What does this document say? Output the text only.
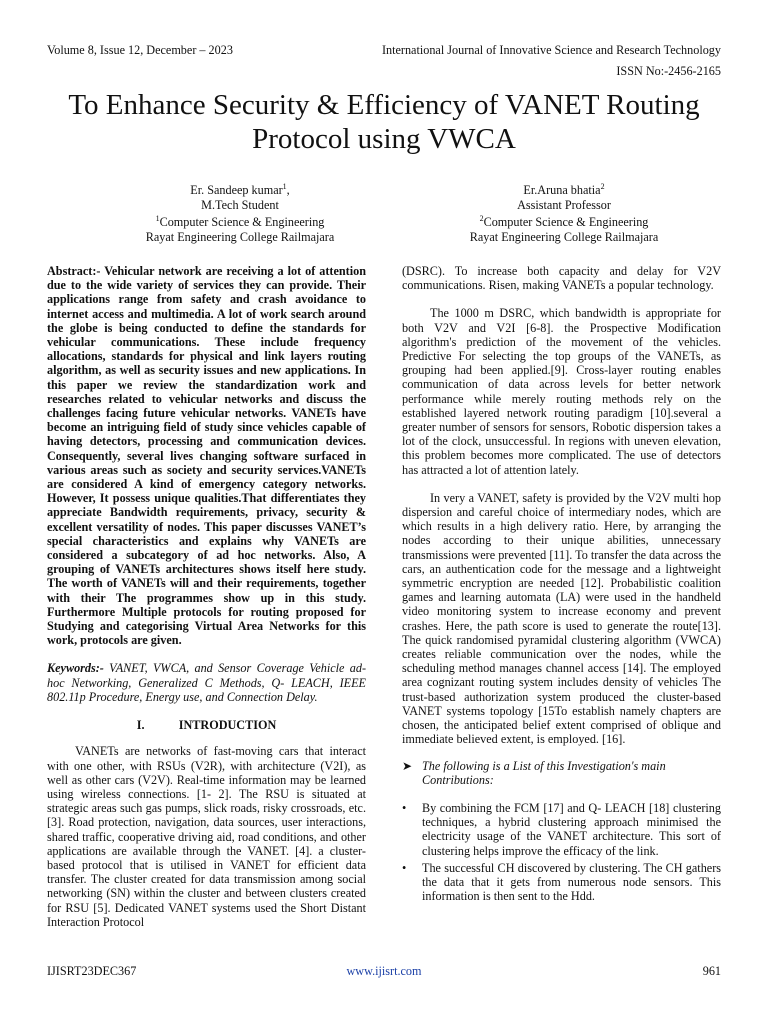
Volume 8, Issue 12, December – 2023	International Journal of Innovative Science and Research Technology
ISSN No:-2456-2165
To Enhance Security & Efficiency of VANET Routing Protocol using VWCA
Er. Sandeep kumar$^1$,
M.Tech Student
$^1$Computer Science & Engineering
Rayat Engineering College Railmajara
Er.Aruna bhatia$^2$
Assistant Professor
$^2$Computer Science & Engineering
Rayat Engineering College Railmajara

Abstract:- Vehicular network are receiving a lot of attention due to the wide variety of services they can provide. Their applications range from safety and crash avoidance to internet access and multimedia. A lot of work search around the globe is being conducted to define the standards for vehicular communications. These include frequency allocations, standards for physical and link layers routing algorithm, as well as security issues and new applications. In this paper we review the standardization work and researches related to vehicular networks and discuss the challenges facing future vehicular networks. VANETs have become an intriguing field of study since vehicles capable of having detectors, processing and communication devices. Consequently, several lives changing software surfaced in various areas such as society and security services.VANETs are considered A kind of emergency category networks. However, It possess unique qualities.That differentiates they appreciate Bandwidth requirements, privacy, security & excellent versatility of nodes. This paper discusses VANET’s special characteristics and explains why VANETs are considered a subcategory of ad hoc networks. Also, A grouping of VANETs architectures shows itself here study. The worth of VANETs will and their requirements, together with their The programmes show up in this study. Furthermore Multiple protocols for routing proposed for Studying and categorising Virtual Area Networks for this work, protocols are given.

Keywords:- VANET, VWCA, and Sensor Coverage Vehicle ad-hoc Networking, Generalized C Methods, Q- LEACH, IEEE 802.11p Procedure, Energy use, and Connection Delay.

I.	INTRODUCTION

VANETs are networks of fast-moving cars that interact with one other, with RSUs (V2R), with architecture (V2I), as well as other cars (V2V). Real-time information may be learned using wireless connections. [1- 2]. The RSU is situated at strategic areas such gas pumps, slick roads, risky crossroads, etc. [3]. Road protection, navigation, data sources, user interactions, shared traffic, cooperative driving aid, road conditions, and other applications are available through the VANET. [4]. a cluster-based protocol that is utilised in VANET for efficient data transfer. The cluster created for data transmission among social networking (SN) within the cluster and between clusters created for RSU [5]. Dedicated VANET systems used the Short Distant Interaction Protocol

(DSRC). To increase both capacity and delay for V2V communications. Risen, making VANETs a popular technology.

The 1000 m DSRC, which bandwidth is appropriate for both V2V and V2I [6-8]. the Prospective Modification algorithm's prediction of the movement of the vehicles. Predictive For selecting the top groups of the VANETs, as grouping had been applied.[9]. Cross-layer routing enables communication of data across levels for better network performance while merely routing methods rely on the established layered network routing paradigm [10].several a greater number of sensors for sensors, Robotic dispersion takes a lot of the clock, unsuccessful. In regions with uneven elevation, this problem becomes more complicated. The use of detectors has attracted a lot of attention lately.

In very a VANET, safety is provided by the V2V multi hop dispersion and careful choice of intermediary nodes, which are which results in a high delivery ratio. Here, by arranging the nodes according to their unique abilities, unnecessary transmissions were prevented [11]. To transfer the data across the cars, an authentication code for the message and a lightweight symmetric encryption are needed [12]. Probabilistic coalition games and learning automata (LA) were used in the handheld video monitoring system to increase economy and prevent crashes. Here, the path score is used to generate the route[13]. The quick randomised pyramidal clustering algorithm (VWCA) creates reliable communication over the nodes, while the scheduling method manages channel access [14]. The employed area cognizant routing system includes density of vehicles The trust-based authorization system produced the cluster-based VANET systems topology [15To establish namely chapters are chosen, the anticipated belief extent comprised of oblique and immediate believed extent, is employed. [16].

➤ The following is a List of this Investigation's main Contributions:
•	By combining the FCM [17] and Q- LEACH [18] clustering techniques, a hybrid clustering approach minimised the electricity usage of the VANET architecture. This sort of clustering helps improve the efficacy of the link.
•	The successful CH discovered by clustering. The CH gathers the data that it gets from numerous node sensors. This information is then sent to the Hdd.
IJISRT23DEC367	www.ijisrt.com	961
